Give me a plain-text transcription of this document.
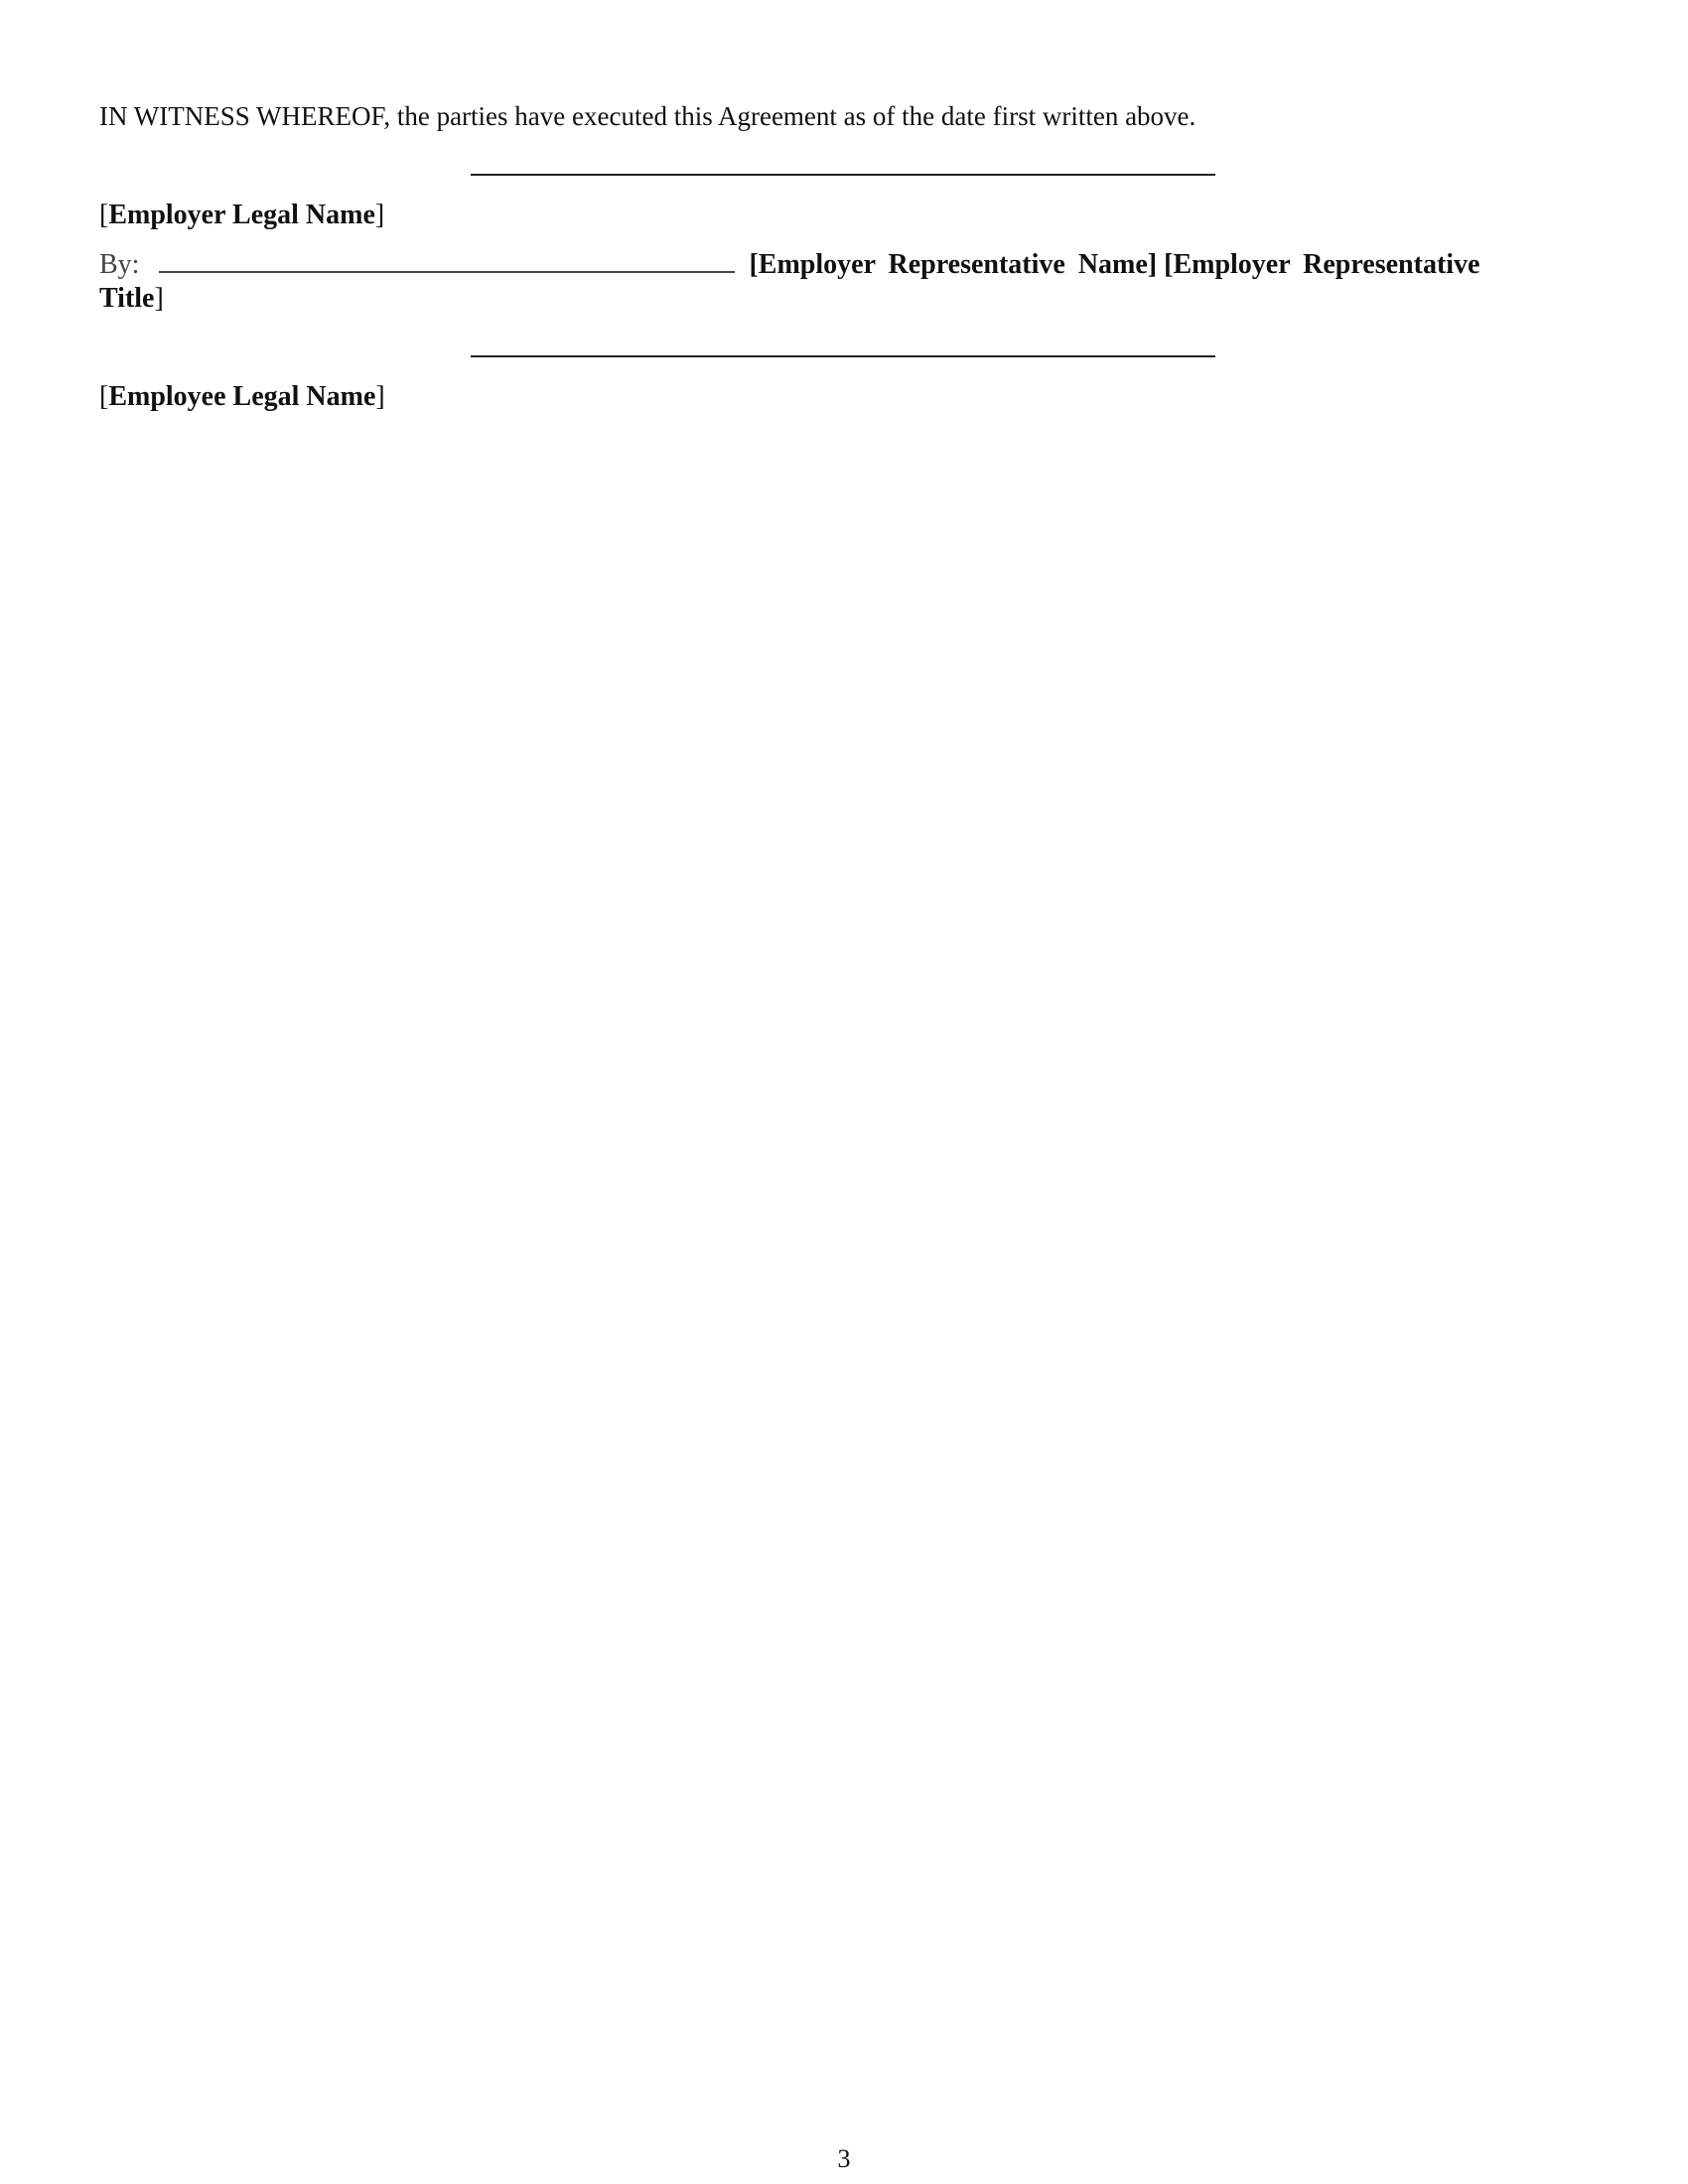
IN WITNESS WHEREOF, the parties have executed this Agreement as of the date first written above.
[Employer Legal Name]
By:	[Employer Representative Name] [Employer Representative
Title]
[Employee Legal Name]
3
